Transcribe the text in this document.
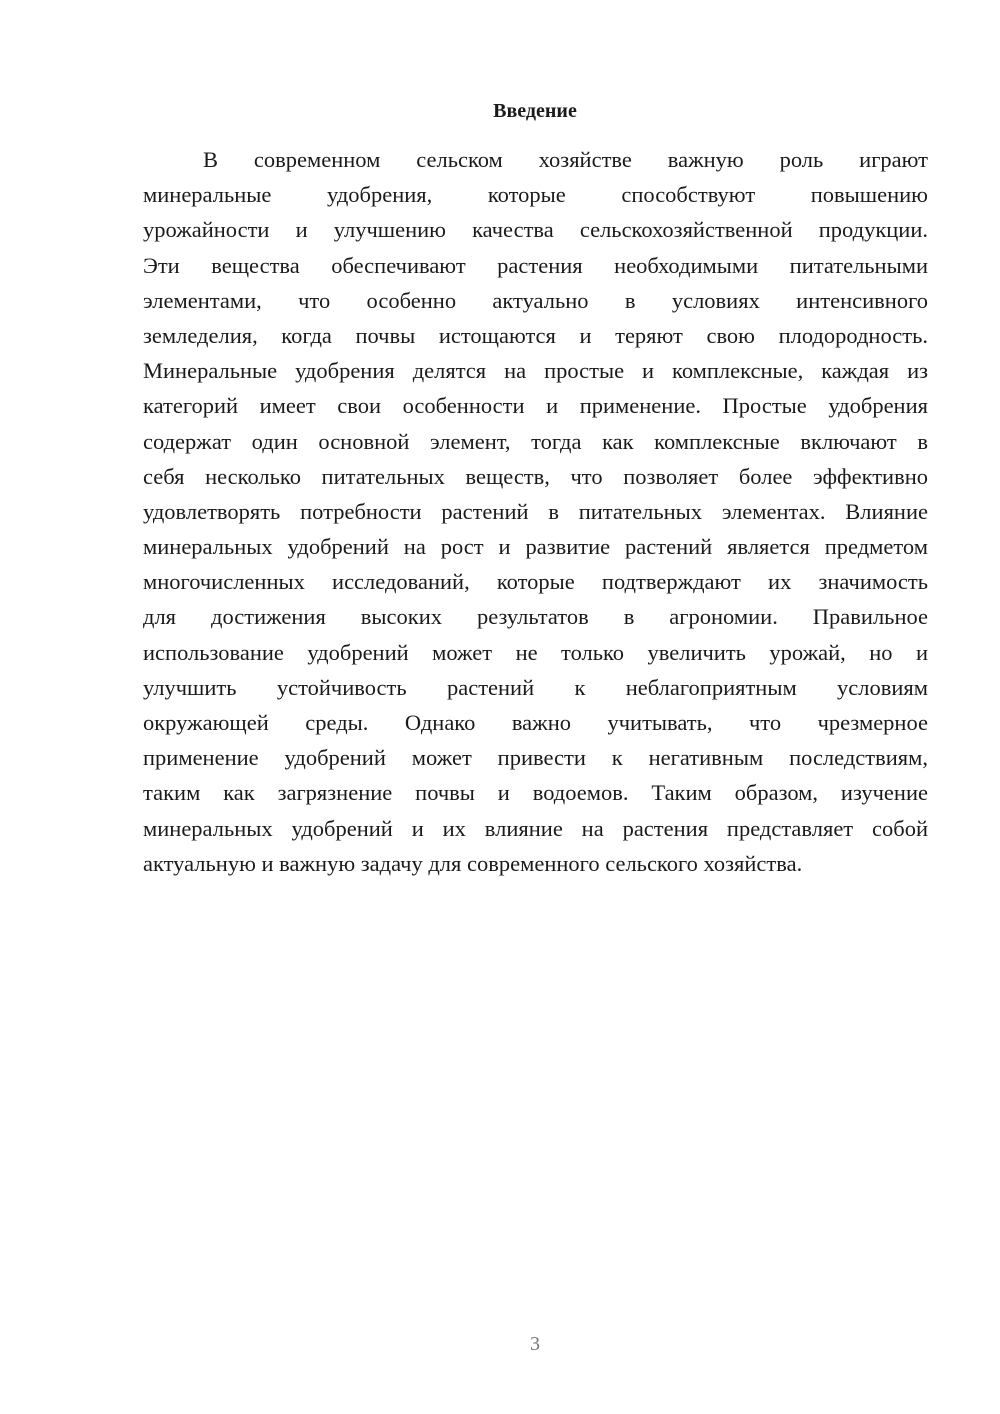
Введение
В современном сельском хозяйстве важную роль играют
минеральные удобрения, которые способствуют повышению
урожайности и улучшению качества сельскохозяйственной продукции.
Эти вещества обеспечивают растения необходимыми питательными
элементами, что особенно актуально в условиях интенсивного
земледелия, когда почвы истощаются и теряют свою плодородность.
Минеральные удобрения делятся на простые и комплексные, каждая из
категорий имеет свои особенности и применение. Простые удобрения
содержат один основной элемент, тогда как комплексные включают в
себя несколько питательных веществ, что позволяет более эффективно
удовлетворять потребности растений в питательных элементах. Влияние
минеральных удобрений на рост и развитие растений является предметом
многочисленных исследований, которые подтверждают их значимость
для достижения высоких результатов в агрономии. Правильное
использование удобрений может не только увеличить урожай, но и
улучшить устойчивость растений к неблагоприятным условиям
окружающей среды. Однако важно учитывать, что чрезмерное
применение удобрений может привести к негативным последствиям,
таким как загрязнение почвы и водоемов. Таким образом, изучение
минеральных удобрений и их влияние на растения представляет собой
актуальную и важную задачу для современного сельского хозяйства.
3
